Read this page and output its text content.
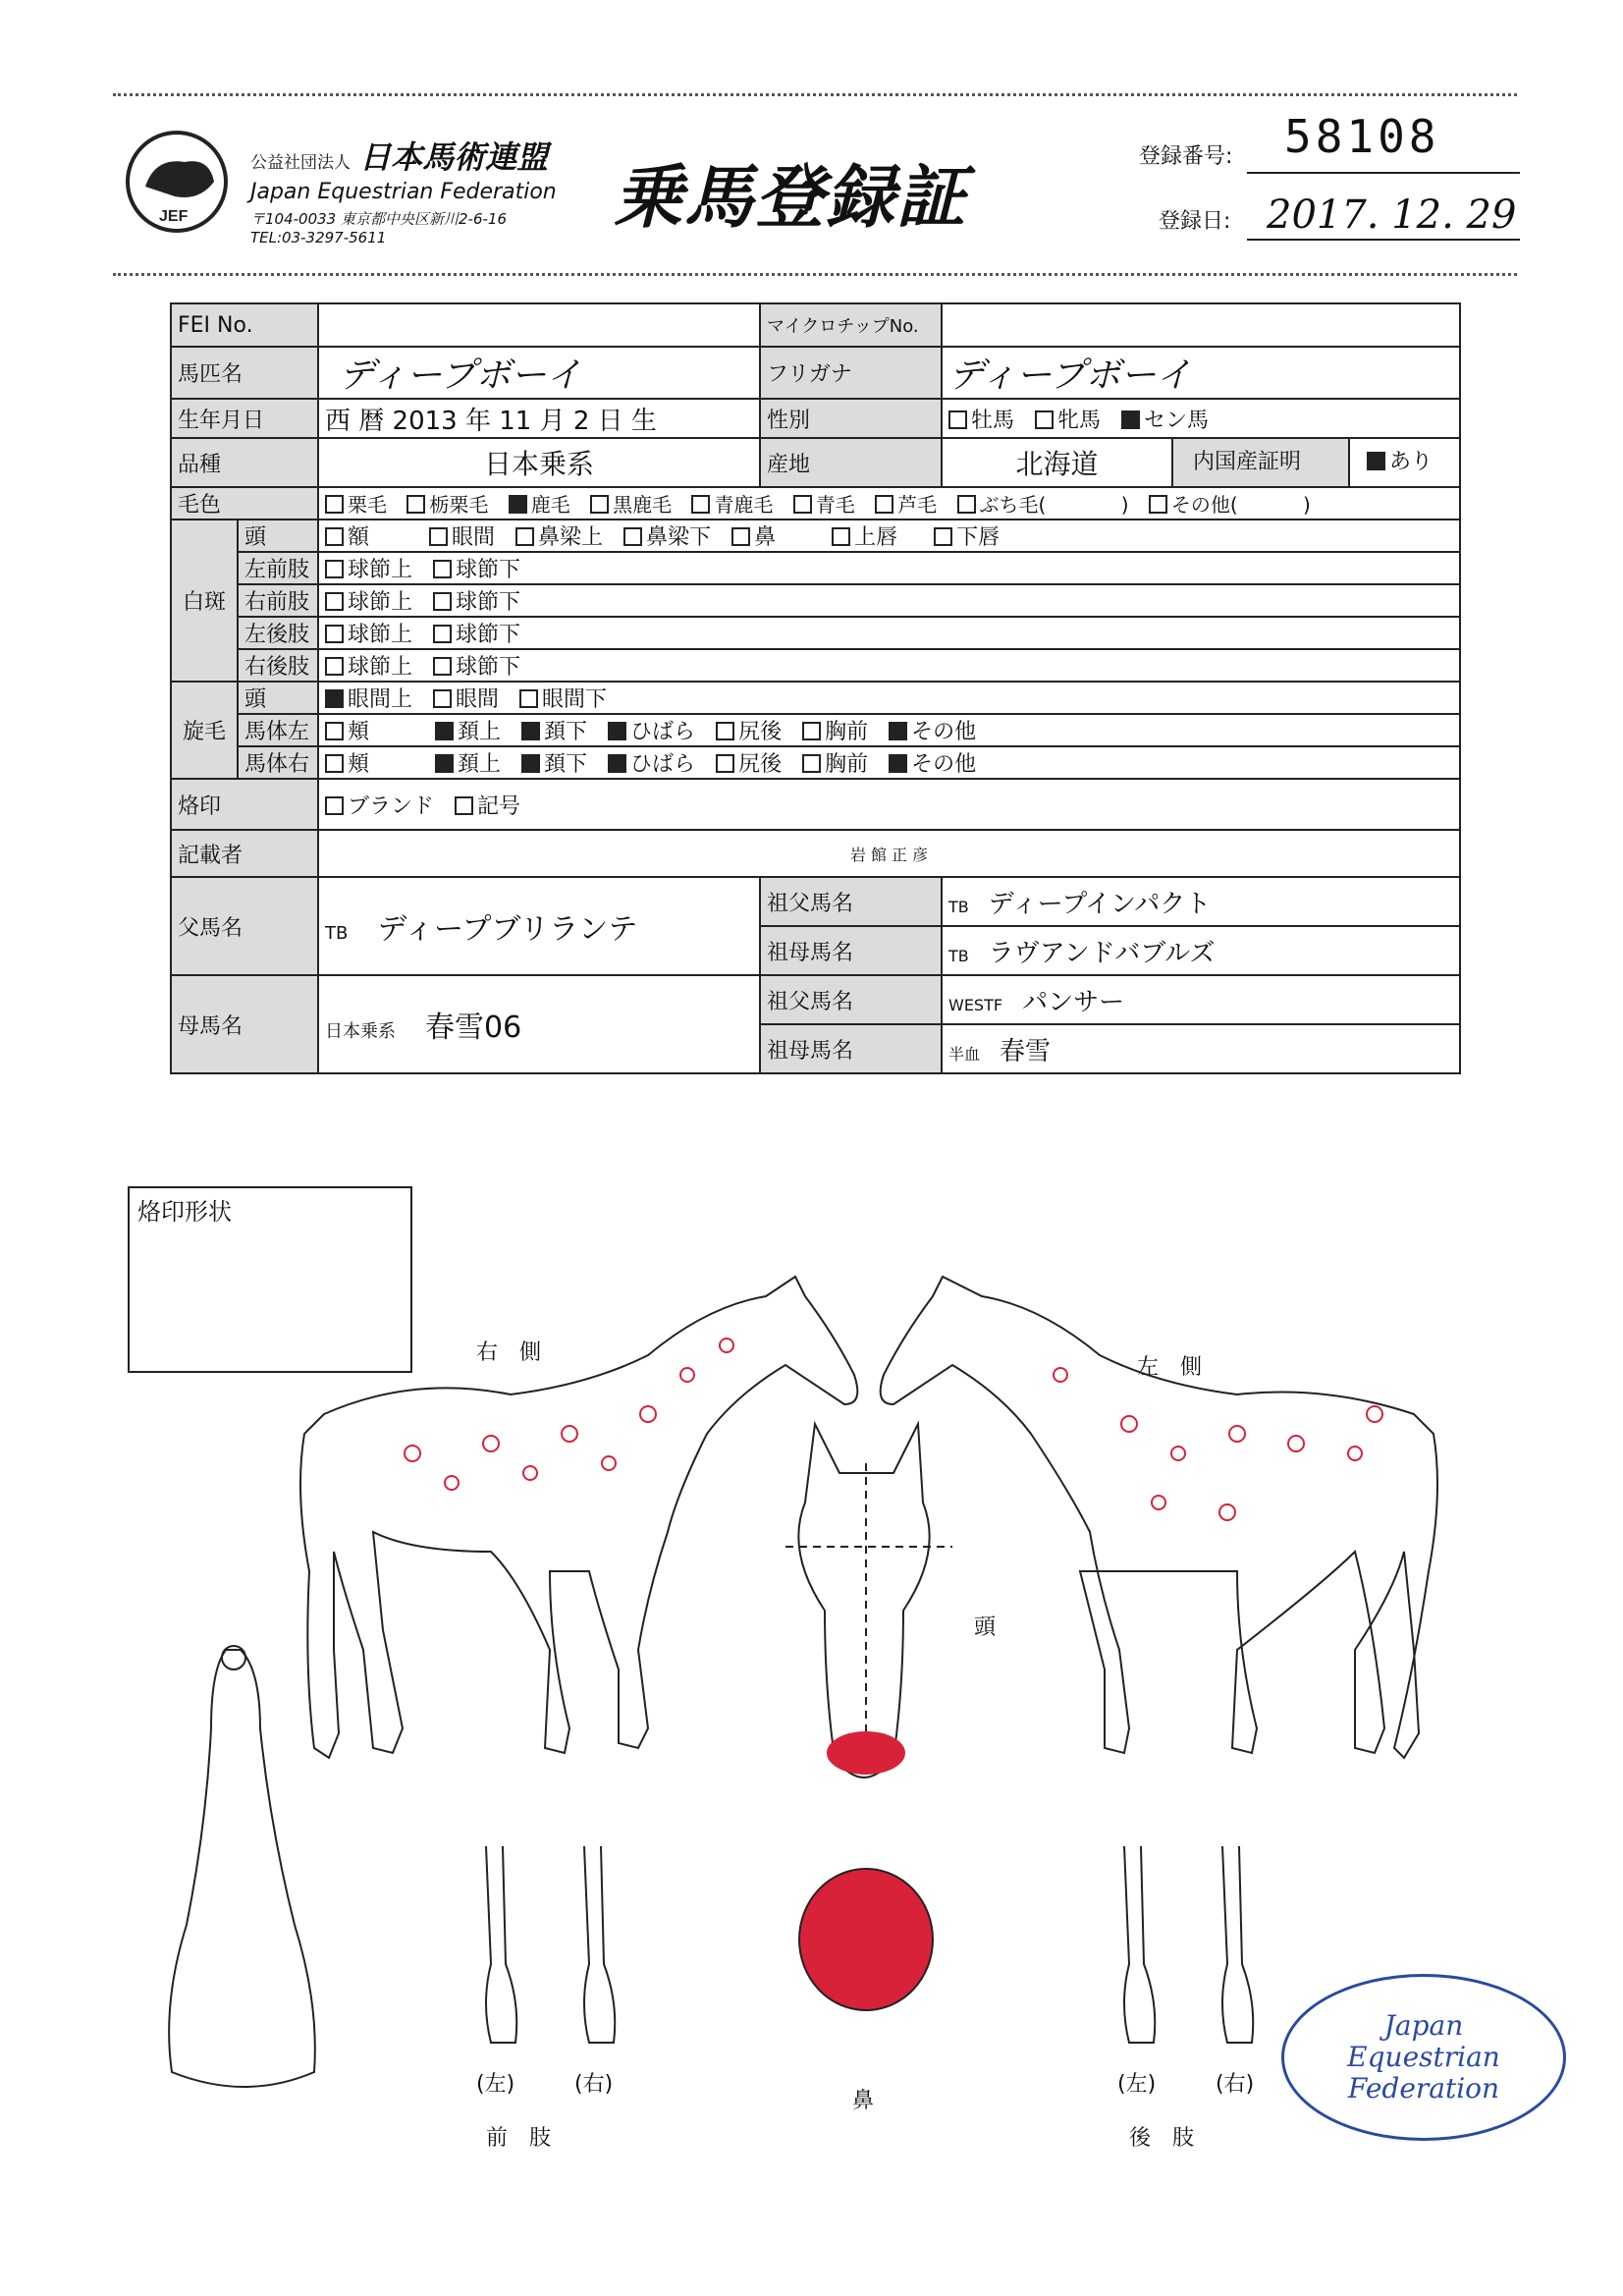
JEF
公益社団法人 日本馬術連盟
Japan Equestrian Federation
〒104-0033 東京都中央区新川2-6-16
TEL:03-3297-5611	乗馬登録証
登録番号: 58108
登録日: 2017. 12. 29
FEI No.			マイクロチップNo.		
馬匹名		ディープボーイ	フリガナ	ディープボーイ	
生年月日		西 暦 2013 年 11 月 2 日 生	性別	牡馬 牝馬 セン馬	
品種		日本乗系	産地	北海道	内国産証明 あり
毛色		栗毛 栃栗毛 鹿毛 黒鹿毛 青鹿毛 青毛 芦毛 ぶち毛( ) その他( )			
白斑	頭	額 眼間 鼻梁上 鼻梁下 鼻 上唇 下唇			
	左前肢	球節上 球節下			
	右前肢	球節上 球節下			
	左後肢	球節上 球節下			
	右後肢	球節上 球節下			
旋毛	頭	眼間上 眼間 眼間下			
	馬体左	頬 頚上 頚下 ひばら 尻後 胸前 その他			
	馬体右	頬 頚上 頚下 ひばら 尻後 胸前 その他			
烙印		ブランド 記号			
記載者		岩 館 正 彦			
父馬名		TB ディープブリランテ	祖父馬名	TB ディープインパクト	
			祖母馬名	TB ラヴアンドバブルズ	
母馬名		日本乗系 春雪06	祖父馬名	WESTF パンサー	
			祖母馬名	半血 春雪	
烙印形状
右　側
左　側
頭
鼻
(左)	(右)
前　肢
(左)	(右)
後　肢
Japan Equestrian Federation
